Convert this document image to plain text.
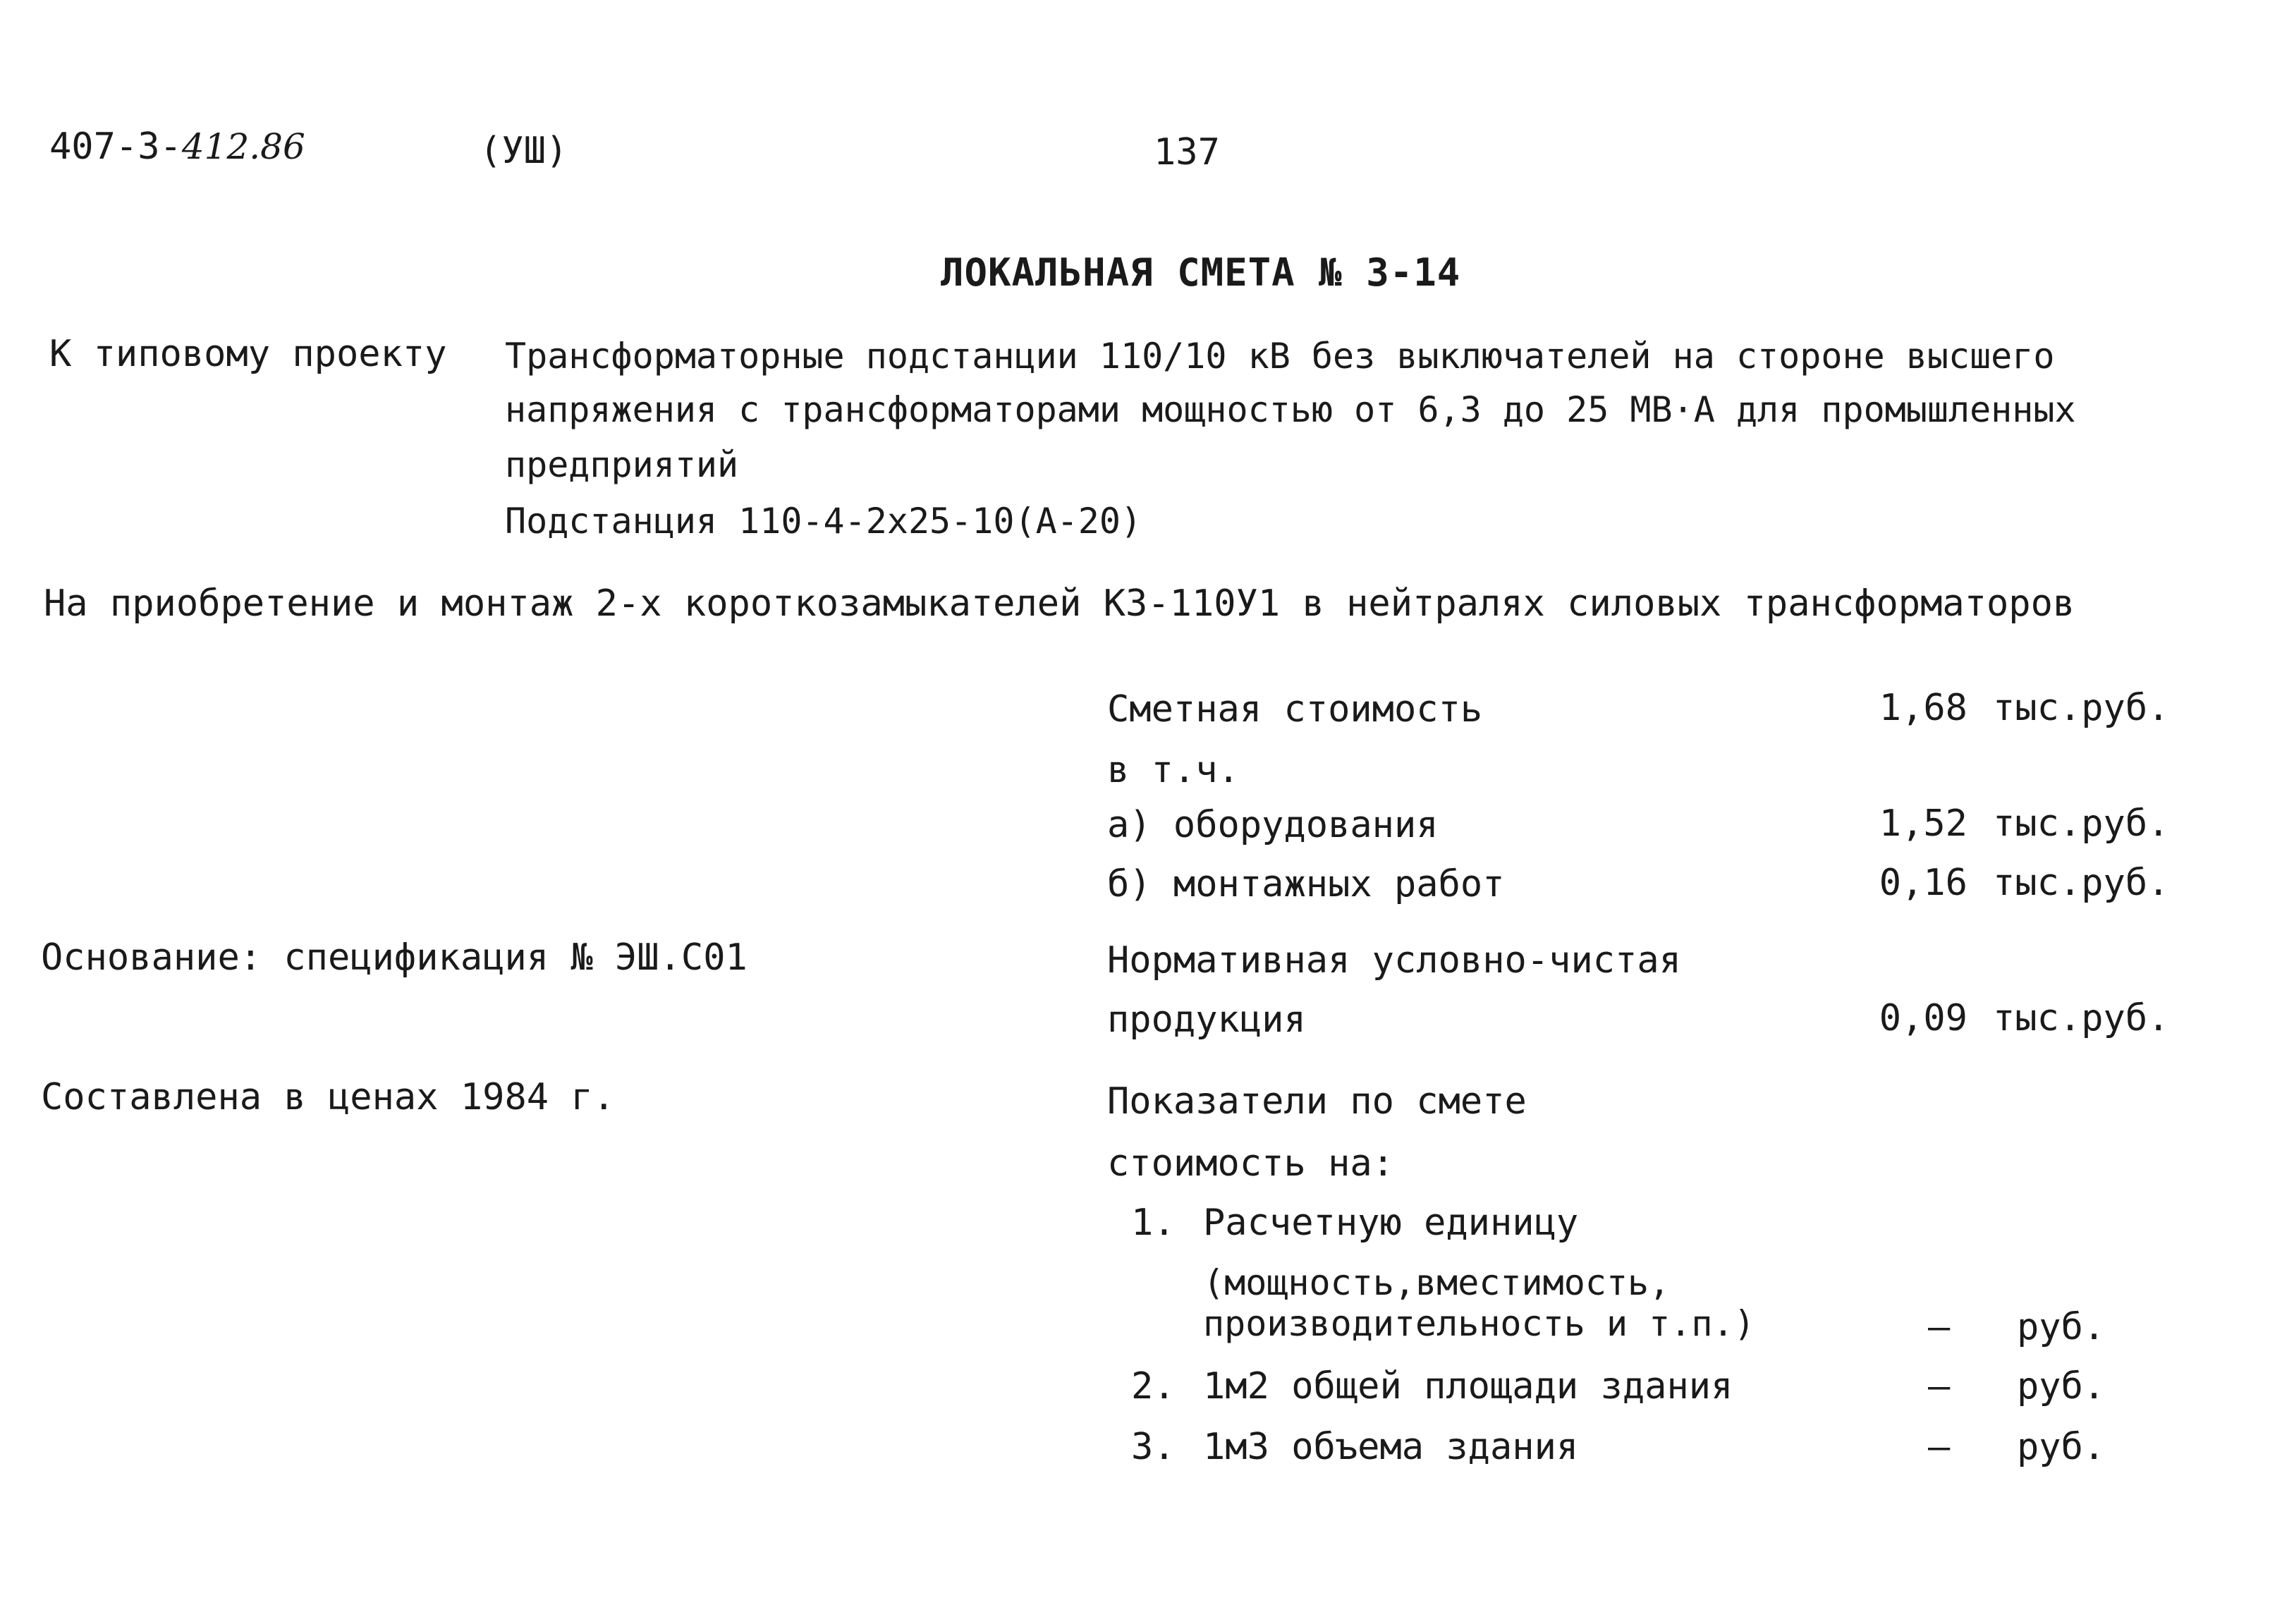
407-3-412.86	(УШ)	137
ЛОКАЛЬНАЯ СМЕТА № 3-14
К типовому проекту Трансформаторные подстанции 110/10 кВ без выключателей на стороне высшего
напряжения с трансформаторами мощностью от 6,3 до 25 МВ·А для промышленных
предприятий
Подстанция 110-4-2x25-10(А-20)
На приобретение и монтаж 2-х короткозамыкателей КЗ-110У1 в нейтралях силовых трансформаторов
Сметная стоимость	1,68 тыс.руб.
в т.ч.
а) оборудования	1,52 тыс.руб.
б) монтажных работ	0,16 тыс.руб.
Основание: спецификация № ЭШ.С01	Нормативная условно-чистая
продукция	0,09 тыс.руб.
Составлена в ценах 1984 г.	Показатели по смете
стоимость на:
1. Расчетную единицу
(мощность,вместимость,
производительность и т.п.)	– руб.
2. 1м2 общей площади здания	– руб.
3. 1м3 объема здания	– руб.
